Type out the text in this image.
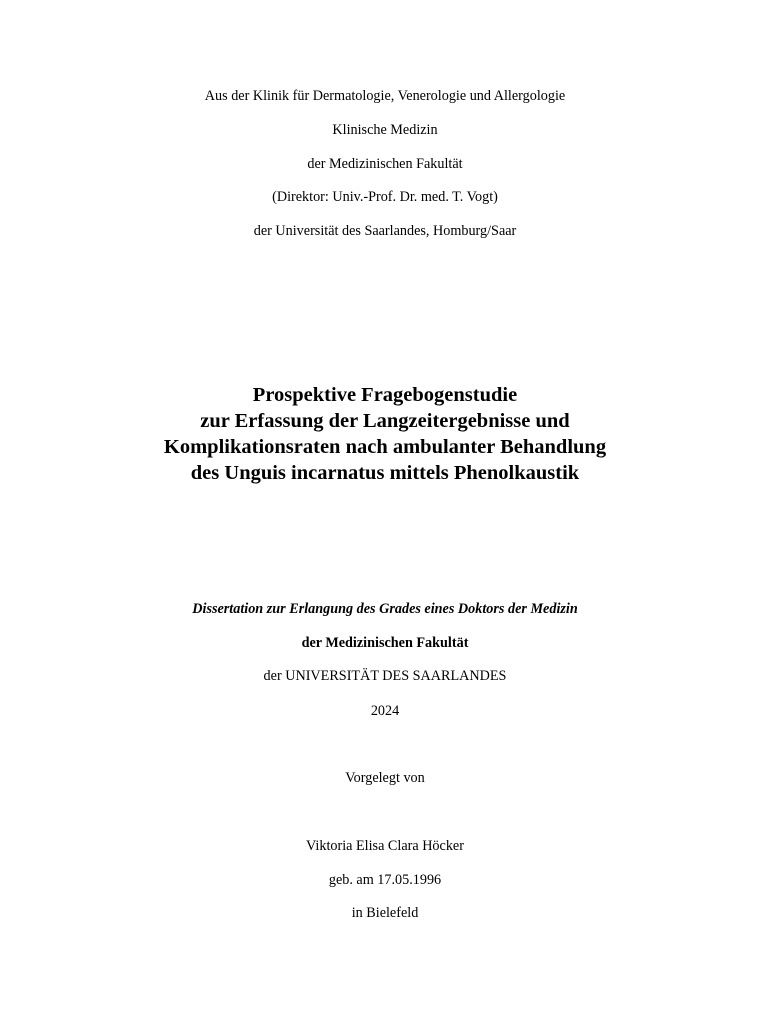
Aus der Klinik für Dermatologie, Venerologie und Allergologie
Klinische Medizin
der Medizinischen Fakultät
(Direktor: Univ.-Prof. Dr. med. T. Vogt)
der Universität des Saarlandes, Homburg/Saar
Prospektive Fragebogenstudie
zur Erfassung der Langzeitergebnisse und
Komplikationsraten nach ambulanter Behandlung
des Unguis incarnatus mittels Phenolkaustik
Dissertation zur Erlangung des Grades eines Doktors der Medizin
der Medizinischen Fakultät
der UNIVERSITÄT DES SAARLANDES
2024
Vorgelegt von
Viktoria Elisa Clara Höcker
geb. am 17.05.1996
in Bielefeld
